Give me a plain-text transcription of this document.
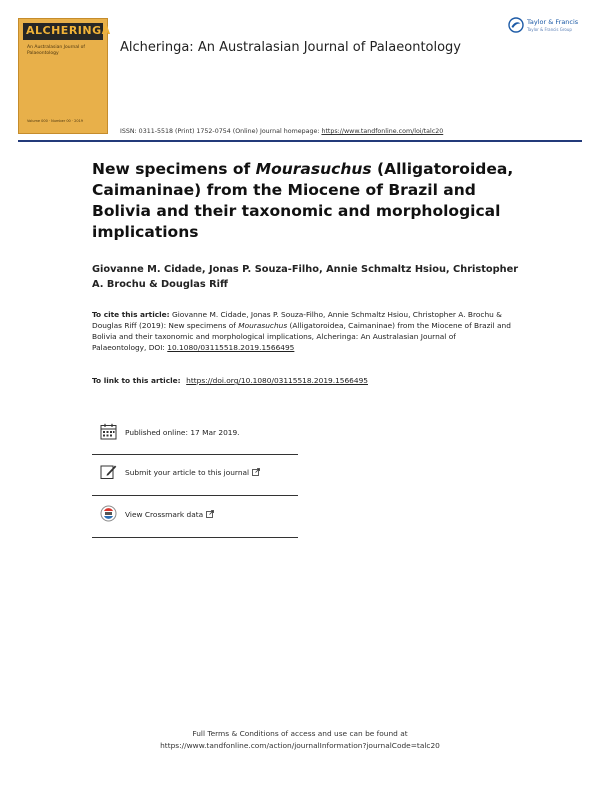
ALCHERINGA
An Australasian Journal of Palaeontology
Volume 000 · Number 00 · 2019
Alcheringa: An Australasian Journal of Palaeontology
Taylor & Francis
Taylor & Francis Group
ISSN: 0311-5518 (Print) 1752-0754 (Online) Journal homepage: https://www.tandfonline.com/loi/talc20
New specimens of Mourasuchus (Alligatoroidea, Caimaninae) from the Miocene of Brazil and Bolivia and their taxonomic and morphological implications
Giovanne M. Cidade, Jonas P. Souza-Filho, Annie Schmaltz Hsiou, Christopher A. Brochu & Douglas Riff
To cite this article: Giovanne M. Cidade, Jonas P. Souza-Filho, Annie Schmaltz Hsiou, Christopher A. Brochu & Douglas Riff (2019): New specimens of Mourasuchus (Alligatoroidea, Caimaninae) from the Miocene of Brazil and Bolivia and their taxonomic and morphological implications, Alcheringa: An Australasian Journal of Palaeontology, DOI: 10.1080/03115518.2019.1566495
To link to this article: https://doi.org/10.1080/03115518.2019.1566495
Published online: 17 Mar 2019.
Submit your article to this journal
View Crossmark data
Full Terms & Conditions of access and use can be found at
https://www.tandfonline.com/action/journalInformation?journalCode=talc20
